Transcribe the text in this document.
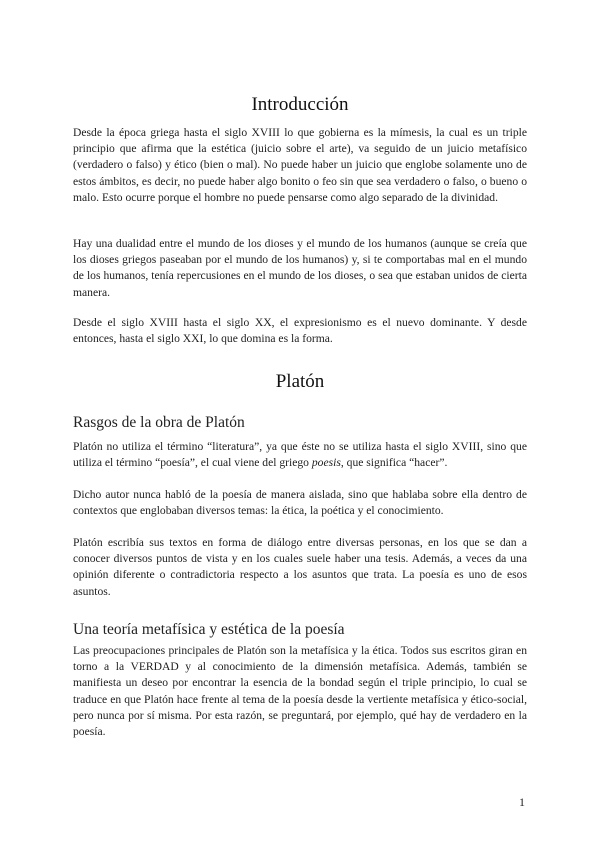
Introducción

Desde la época griega hasta el siglo XVIII lo que gobierna es la mímesis, la cual es un triple principio que afirma que la estética (juicio sobre el arte), va seguido de un juicio metafísico (verdadero o falso) y ético (bien o mal). No puede haber un juicio que englobe solamente uno de estos ámbitos, es decir, no puede haber algo bonito o feo sin que sea verdadero o falso, o bueno o malo. Esto ocurre porque el hombre no puede pensarse como algo separado de la divinidad.

Hay una dualidad entre el mundo de los dioses y el mundo de los humanos (aunque se creía que los dioses griegos paseaban por el mundo de los humanos) y, si te comportabas mal en el mundo de los humanos, tenía repercusiones en el mundo de los dioses, o sea que estaban unidos de cierta manera.

Desde el siglo XVIII hasta el siglo XX, el expresionismo es el nuevo dominante. Y desde entonces, hasta el siglo XXI, lo que domina es la forma.

Platón
Rasgos de la obra de Platón

Platón no utiliza el término “literatura”, ya que éste no se utiliza hasta el siglo XVIII, sino que utiliza el término “poesía”, el cual viene del griego poesis, que significa “hacer”.

Dicho autor nunca habló de la poesía de manera aislada, sino que hablaba sobre ella dentro de contextos que englobaban diversos temas: la ética, la poética y el conocimiento.

Platón escribía sus textos en forma de diálogo entre diversas personas, en los que se dan a conocer diversos puntos de vista y en los cuales suele haber una tesis. Además, a veces da una opinión diferente o contradictoria respecto a los asuntos que trata. La poesía es uno de esos asuntos.

Una teoría metafísica y estética de la poesía

Las preocupaciones principales de Platón son la metafísica y la ética. Todos sus escritos giran en torno a la VERDAD y al conocimiento de la dimensión metafísica. Además, también se manifiesta un deseo por encontrar la esencia de la bondad según el triple principio, lo cual se traduce en que Platón hace frente al tema de la poesía desde la vertiente metafísica y ético-social, pero nunca por sí misma. Por esta razón, se preguntará, por ejemplo, qué hay de verdadero en la poesía.

1
